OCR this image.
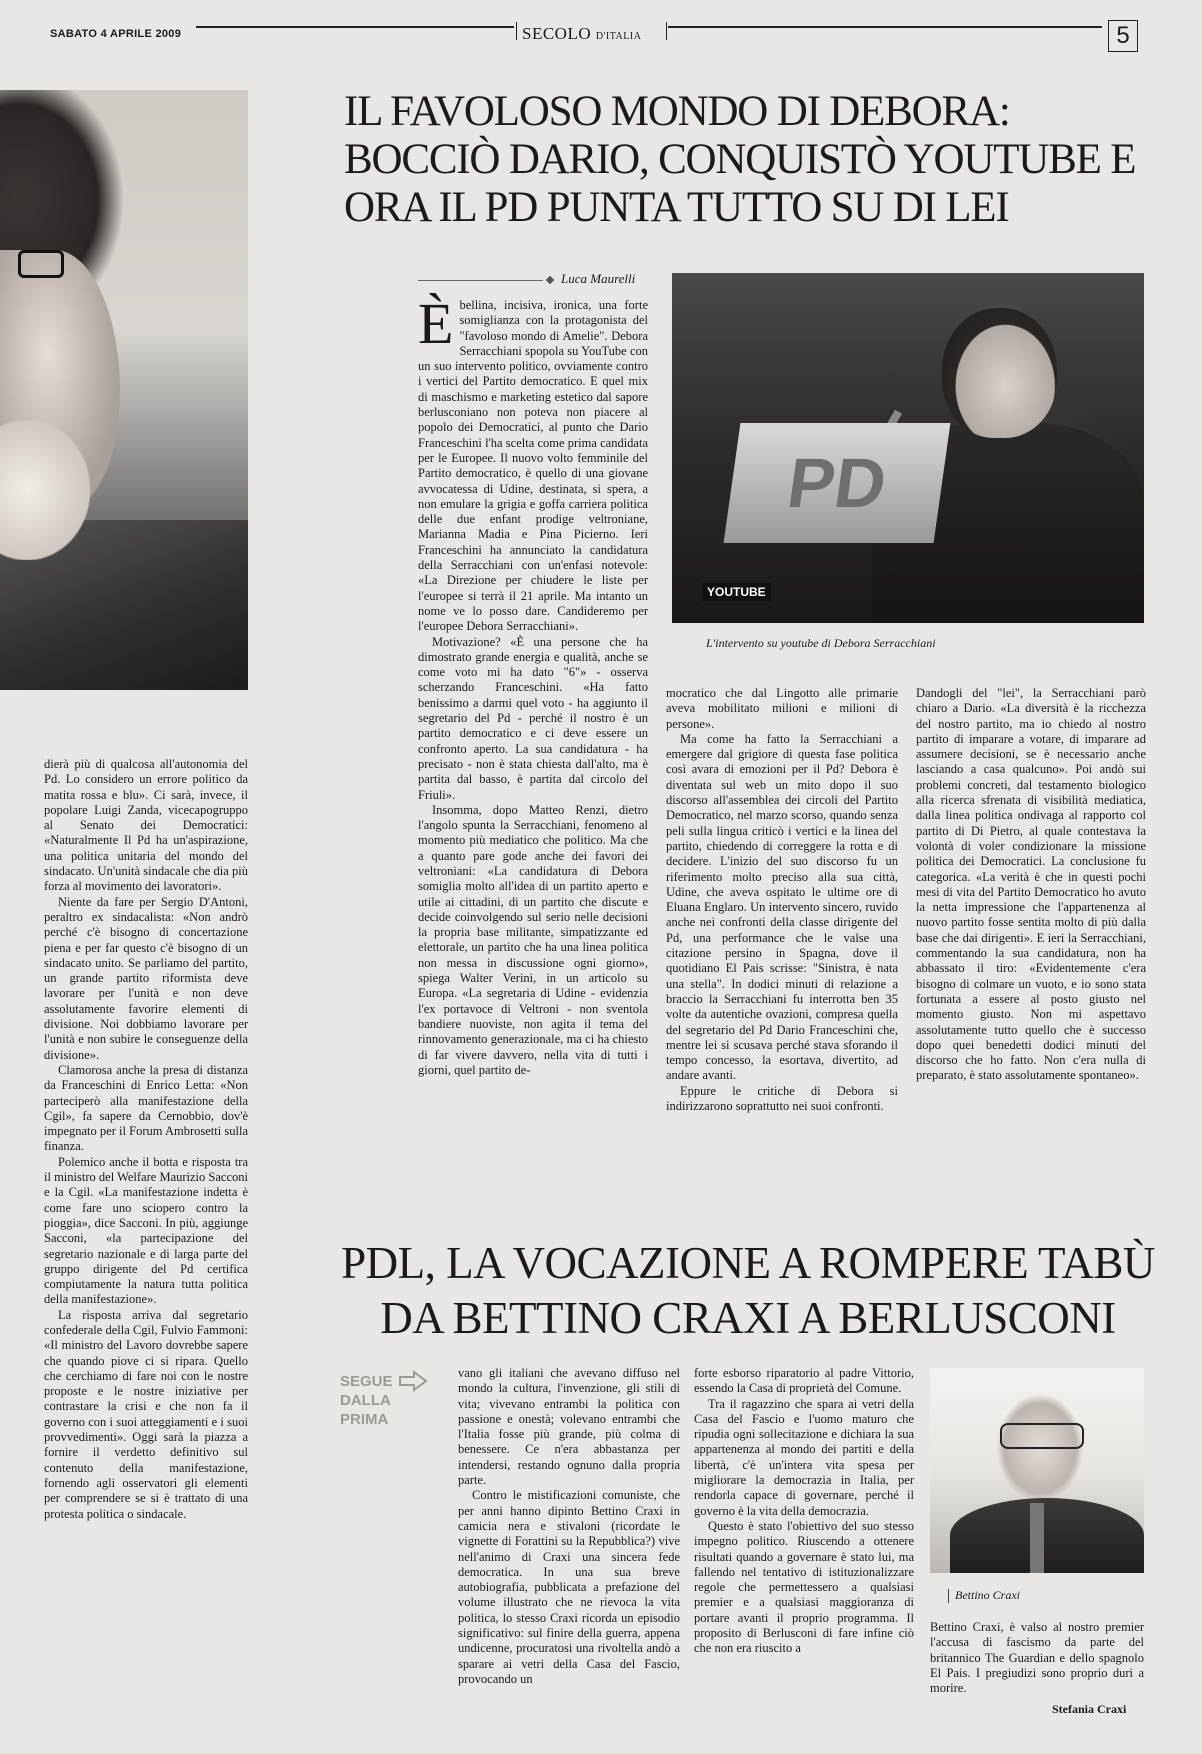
SABATO 4 APRILE 2009	SECOLO D'ITALIA	5
IL FAVOLOSO MONDO DI DEBORA: BOCCIÒ DARIO, CONQUISTÒ YOUTUBE E ORA IL PD PUNTA TUTTO SU DI LEI
Luca Maurelli
PD
YOUTUBE
L'intervento su youtube di Debora Serracchiani

Èbellina, incisiva, ironica, una forte somiglianza con la protagonista del "favoloso mondo di Amelie". Debora Serracchiani spopola su YouTube con un suo intervento politico, ovviamente contro i vertici del Partito democratico. E quel mix di maschismo e marketing estetico dal sapore berlusconiano non poteva non piacere al popolo dei Democratici, al punto che Dario Franceschini l'ha scelta come prima candidata per le Europee. Il nuovo volto femminile del Partito democratico, è quello di una giovane avvocatessa di Udine, destinata, si spera, a non emulare la grigia e goffa carriera politica delle due enfant prodige veltroniane, Marianna Madia e Pina Picierno. Ieri Franceschini ha annunciato la candidatura della Serracchiani con un'enfasi notevole: «La Direzione per chiudere le liste per l'europee si terrà il 21 aprile. Ma intanto un nome ve lo posso dare. Candideremo per l'europee Debora Serracchiani».

Motivazione? «È una persone che ha dimostrato grande energia e qualità, anche se come voto mi ha dato "6"» - osserva scherzando Franceschini. «Ha fatto benissimo a darmi quel voto - ha aggiunto il segretario del Pd - perché il nostro è un partito democratico e ci deve essere un confronto aperto. La sua candidatura - ha precisato - non è stata chiesta dall'alto, ma è partita dal basso, è partita dal circolo del Friuli».

Insomma, dopo Matteo Renzi, dietro l'angolo spunta la Serracchiani, fenomeno al momento più mediatico che politico. Ma che a quanto pare gode anche dei favori dei veltroniani: «La candidatura di Debora somiglia molto all'idea di un partito aperto e utile ai cittadini, di un partito che discute e decide coinvolgendo sul serio nelle decisioni la propria base militante, simpatizzante ed elettorale, un partito che ha una linea politica non messa in discussione ogni giorno», spiega Walter Verini, in un articolo su Europa. «La segretaria di Udine - evidenzia l'ex portavoce di Veltroni - non sventola bandiere nuoviste, non agita il tema del rinnovamento generazionale, ma ci ha chiesto di far vivere davvero, nella vita di tutti i giorni, quel partito de-

mocratico che dal Lingotto alle primarie aveva mobilitato milioni e milioni di persone».

Ma come ha fatto la Serracchiani a emergere dal grigiore di questa fase politica così avara di emozioni per il Pd? Debora è diventata sul web un mito dopo il suo discorso all'assemblea dei circoli del Partito Democratico, nel marzo scorso, quando senza peli sulla lingua criticò i vertici e la linea del partito, chiedendo di correggere la rotta e di decidere. L'inizio del suo discorso fu un riferimento molto preciso alla sua città, Udine, che aveva ospitato le ultime ore di Eluana Englaro. Un intervento sincero, ruvido anche nei confronti della classe dirigente del Pd, una performance che le valse una citazione persino in Spagna, dove il quotidiano El Pais scrisse: "Sinistra, è nata una stella". In dodici minuti di relazione a braccio la Serracchiani fu interrotta ben 35 volte da autentiche ovazioni, compresa quella del segretario del Pd Dario Franceschini che, mentre lei si scusava perché stava sforando il tempo concesso, la esortava, divertito, ad andare avanti.

Eppure le critiche di Debora si indirizzarono soprattutto nei suoi confronti.

Dandogli del "lei", la Serracchiani parò chiaro a Dario. «La diversità è la ricchezza del nostro partito, ma io chiedo al nostro partito di imparare a votare, di imparare ad assumere decisioni, se è necessario anche lasciando a casa qualcuno». Poi andò sui problemi concreti, dal testamento biologico alla ricerca sfrenata di visibilità mediatica, dalla linea politica ondivaga al rapporto col partito di Di Pietro, al quale contestava la volontà di voler condizionare la missione politica dei Democratici. La conclusione fu categorica. «La verità è che in questi pochi mesi di vita del Partito Democratico ho avuto la netta impressione che l'appartenenza al nuovo partito fosse sentita molto di più dalla base che dai dirigenti». E ieri la Serracchiani, commentando la sua candidatura, non ha abbassato il tiro: «Evidentemente c'era bisogno di colmare un vuoto, e io sono stata fortunata a essere al posto giusto nel momento giusto. Non mi aspettavo assolutamente tutto quello che è successo dopo quei benedetti dodici minuti del discorso che ho fatto. Non c'era nulla di preparato, è stato assolutamente spontaneo».

dierà più di qualcosa all'autonomia del Pd. Lo considero un errore politico da matita rossa e blu». Ci sarà, invece, il popolare Luigi Zanda, vicecapogruppo al Senato dei Democratici: «Naturalmente Il Pd ha un'aspirazione, una politica unitaria del mondo del sindacato. Un'unità sindacale che dia più forza al movimento dei lavoratori».

Niente da fare per Sergio D'Antoni, peraltro ex sindacalista: «Non andrò perché c'è bisogno di concertazione piena e per far questo c'è bisogno di un sindacato unito. Se parliamo del partito, un grande partito riformista deve lavorare per l'unità e non deve assolutamente favorire elementi di divisione. Noi dobbiamo lavorare per l'unità e non subire le conseguenze della divisione».

Clamorosa anche la presa di distanza da Franceschini di Enrico Letta: «Non parteciperò alla manifestazione della Cgil», fa sapere da Cernobbio, dov'è impegnato per il Forum Ambrosetti sulla finanza.

Polemico anche il botta e risposta tra il ministro del Welfare Maurizio Sacconi e la Cgil. «La manifestazione indetta è come fare uno sciopero contro la pioggia», dice Sacconi. In più, aggiunge Sacconi, «la partecipazione del segretario nazionale e di larga parte del gruppo dirigente del Pd certifica compiutamente la natura tutta politica della manifestazione».

La risposta arriva dal segretario confederale della Cgil, Fulvio Fammoni: «Il ministro del Lavoro dovrebbe sapere che quando piove ci si ripara. Quello che cerchiamo di fare noi con le nostre proposte e le nostre iniziative per contrastare la crisi e che non fa il governo con i suoi atteggiamenti e i suoi provvedimenti». Oggi sarà la piazza a fornire il verdetto definitivo sul contenuto della manifestazione, fornendo agli osservatori gli elementi per comprendere se si è trattato di una protesta politica o sindacale.

PDL, LA VOCAZIONE A ROMPERE TABÙ
DA BETTINO CRAXI A BERLUSCONI
SEGUE
DALLA
PRIMA

vano gli italiani che avevano diffuso nel mondo la cultura, l'invenzione, gli stili di vita; vivevano entrambi la politica con passione e onestà; volevano entrambi che l'Italia fosse più grande, più colma di benessere. Ce n'era abbastanza per intendersi, restando ognuno dalla propria parte.

Contro le mistificazioni comuniste, che per anni hanno dipinto Bettino Craxi in camicia nera e stivaloni (ricordate le vignette di Forattini su la Repubblica?) vive nell'animo di Craxi una sincera fede democratica. In una sua breve autobiografia, pubblicata a prefazione del volume illustrato che ne rievoca la vita politica, lo stesso Craxi ricorda un episodio significativo: sul finire della guerra, appena undicenne, procuratosi una rivoltella andò a sparare ai vetri della Casa del Fascio, provocando un

forte esborso riparatorio al padre Vittorio, essendo la Casa di proprietà del Comune.

Tra il ragazzino che spara ai vetri della Casa del Fascio e l'uomo maturo che ripudia ogni sollecitazione e dichiara la sua appartenenza al mondo dei partiti e della libertà, c'è un'intera vita spesa per migliorare la democrazia in Italia, per rendorla capace di governare, perché il governo è la vita della democrazia.

Questo è stato l'obiettivo del suo stesso impegno politico. Riuscendo a ottenere risultati quando a governare è stato lui, ma fallendo nel tentativo di istituzionalizzare regole che permettessero a qualsiasi premier e a qualsiasi maggioranza di portare avanti il proprio programma. Il proposito di Berlusconi di fare infine ciò che non era riuscito a

Bettino Craxi

Bettino Craxi, è valso al nostro premier l'accusa di fascismo da parte del britannico The Guardian e dello spagnolo El Pais. I pregiudizi sono proprio duri a morire.

Stefania Craxi
